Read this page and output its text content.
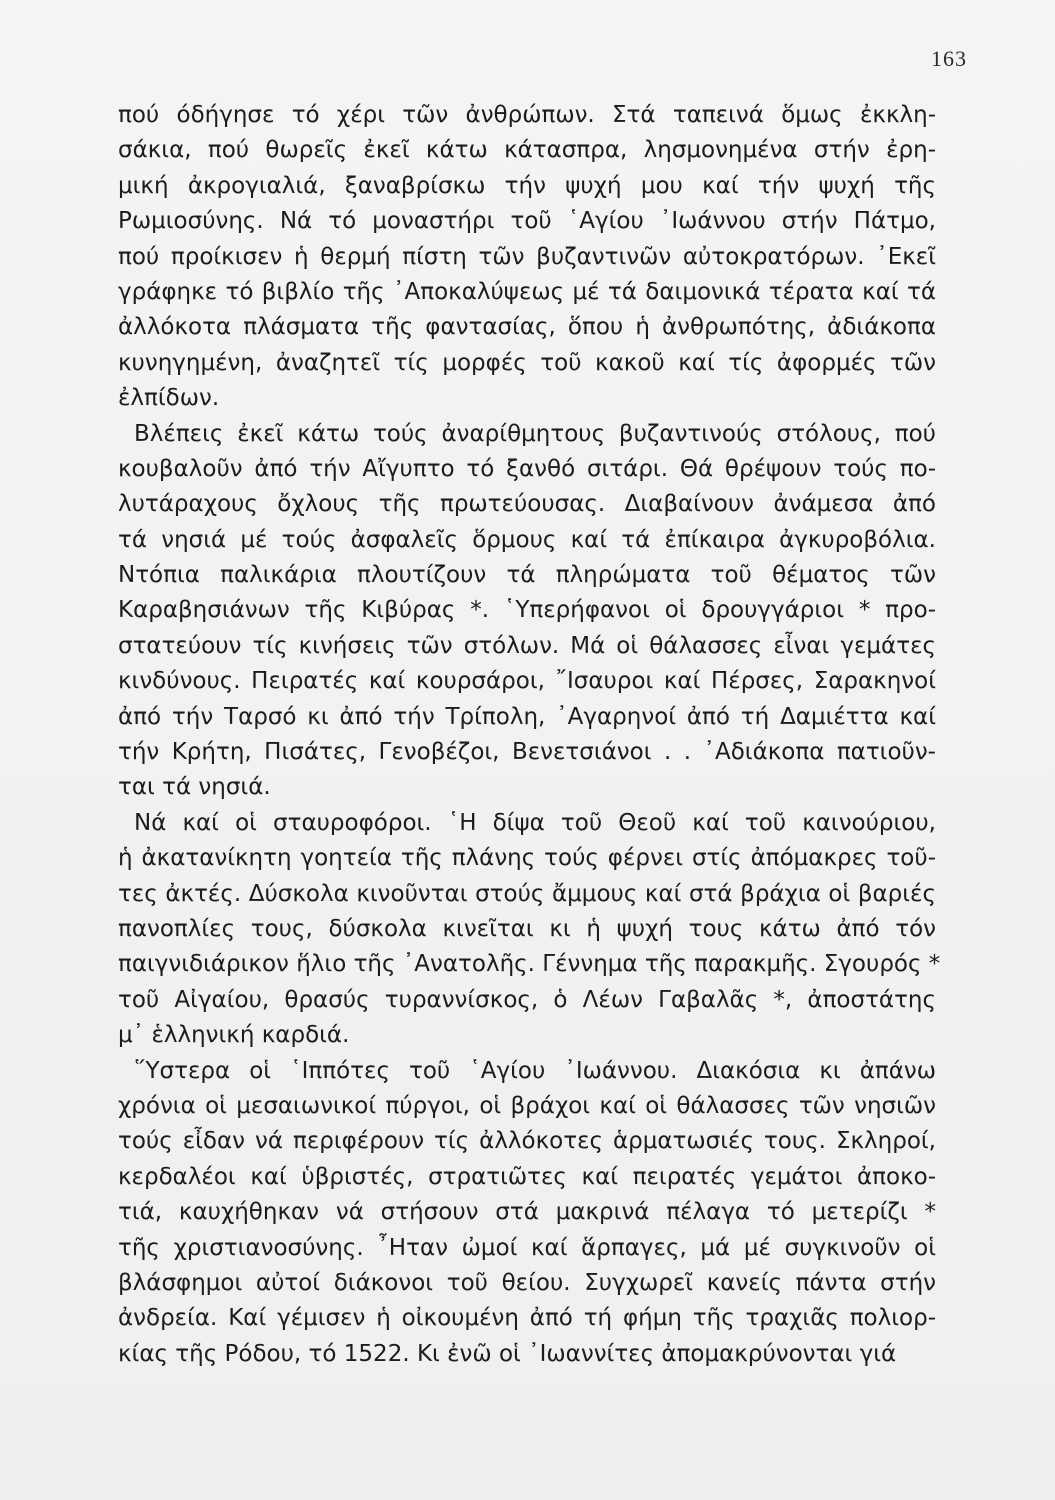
163
πού όδήγησε τό χέρι τῶν ἀνθρώπων. Στά ταπεινά ὅμως ἐκκλη-
σάκια, πού θωρεῖς ἐκεῖ κάτω κάτασπρα, λησμονημένα στήν ἐρη-
μική ἀκρογιαλιά, ξαναβρίσκω τήν ψυχή μου καί τήν ψυχή τῆς
Ρωμιοσύνης. Νά τό μοναστήρι τοῦ ῾Αγίου ᾿Ιωάννου στήν Πάτμο,
πού προίκισεν ἡ θερμή πίστη τῶν βυζαντινῶν αὐτοκρατόρων. ᾿Εκεῖ
γράφηκε τό βιβλίο τῆς ᾿Αποκαλύψεως μέ τά δαιμονικά τέρατα καί τά
ἀλλόκοτα πλάσματα τῆς φαντασίας, ὅπου ἡ ἀνθρωπότης, ἀδιάκοπα
κυνηγημένη, ἀναζητεῖ τίς μορφές τοῦ κακοῦ καί τίς ἀφορμές τῶν
ἐλπίδων.
Βλέπεις ἐκεῖ κάτω τούς ἀναρίθμητους βυζαντινούς στόλους, πού
κουβαλοῦν ἀπό τήν Αἴγυπτο τό ξανθό σιτάρι. Θά θρέψουν τούς πο-
λυτάραχους ὄχλους τῆς πρωτεύουσας. Διαβαίνουν ἀνάμεσα ἀπό
τά νησιά μέ τούς ἀσφαλεῖς ὅρμους καί τά ἐπίκαιρα ἀγκυροβόλια.
Ντόπια παλικάρια πλουτίζουν τά πληρώματα τοῦ θέματος τῶν
Καραβησιάνων τῆς Κιβύρας *. ῾Υπερήφανοι οἱ δρουγγάριοι * προ-
στατεύουν τίς κινήσεις τῶν στόλων. Μά οἱ θάλασσες εἶναι γεμάτες
κινδύνους. Πειρατές καί κουρσάροι, ῎Ισαυροι καί Πέρσες, Σαρακηνοί
ἀπό τήν Ταρσό κι ἀπό τήν Τρίπολη, ᾿Αγαρηνοί ἀπό τή Δαμιέττα καί
τήν Κρήτη, Πισάτες, Γενοβέζοι, Βενετσιάνοι . . ᾿Αδιάκοπα πατιοῦν-
ται τά νησιά.
Νά καί οἱ σταυροφόροι. ῾Η δίψα τοῦ Θεοῦ καί τοῦ καινούριου,
ἡ ἀκατανίκητη γοητεία τῆς πλάνης τούς φέρνει στίς ἀπόμακρες τοῦ-
τες ἀκτές. Δύσκολα κινοῦνται στούς ἄμμους καί στά βράχια οἱ βαριές
πανοπλίες τους, δύσκολα κινεῖται κι ἡ ψυχή τους κάτω ἀπό τόν
παιγνιδιάρικον ἥλιο τῆς ᾿Ανατολῆς. Γέννημα τῆς παρακμῆς. Σγουρός *
τοῦ Αἰγαίου, θρασύς τυραννίσκος, ὁ Λέων Γαβαλᾶς *, ἀποστάτης
μ᾿ ἑλληνική καρδιά.
῞Υστερα οἱ ῾Ιππότες τοῦ ῾Αγίου ᾿Ιωάννου. Διακόσια κι ἀπάνω
χρόνια οἱ μεσαιωνικοί πύργοι, οἱ βράχοι καί οἱ θάλασσες τῶν νησιῶν
τούς εἶδαν νά περιφέρουν τίς ἀλλόκοτες ἁρματωσιές τους. Σκληροί,
κερδαλέοι καί ὑβριστές, στρατιῶτες καί πειρατές γεμάτοι ἀποκο-
τιά, καυχήθηκαν νά στήσουν στά μακρινά πέλαγα τό μετερίζι *
τῆς χριστιανοσύνης. ῏Ηταν ὠμοί καί ἅρπαγες, μά μέ συγκινοῦν οἱ
βλάσφημοι αὐτοί διάκονοι τοῦ θείου. Συγχωρεῖ κανείς πάντα στήν
ἀνδρεία. Καί γέμισεν ἡ οἰκουμένη ἀπό τή φήμη τῆς τραχιᾶς πολιορ-
κίας τῆς Ρόδου, τό 1522. Κι ἐνῶ οἱ ᾿Ιωαννίτες ἀπομακρύνονται γιά
